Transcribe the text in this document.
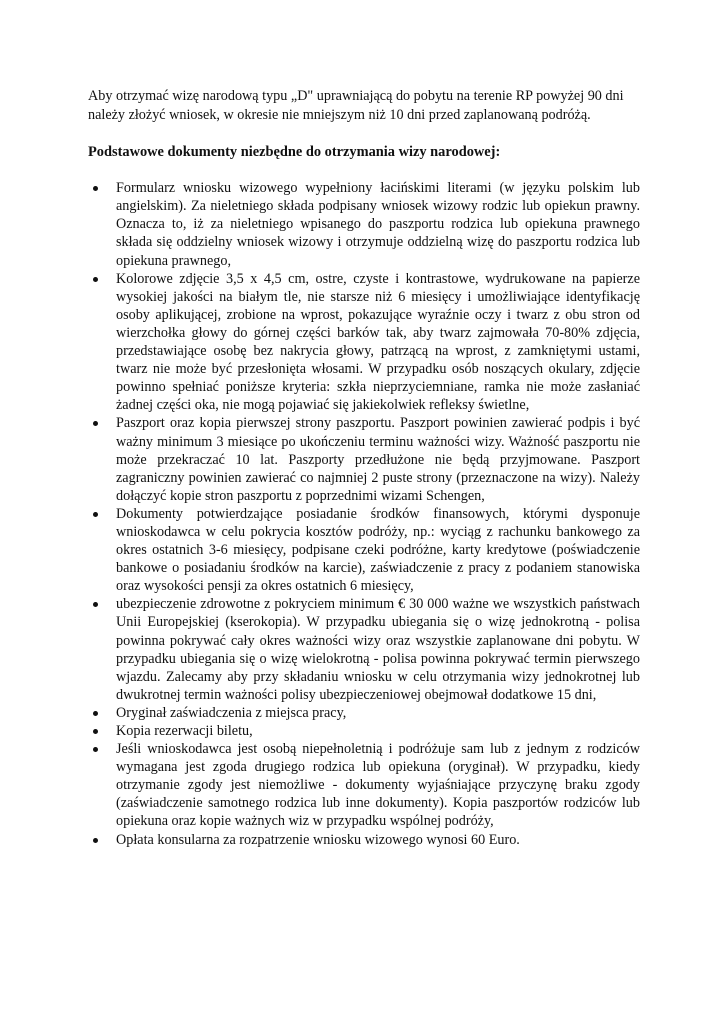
Aby otrzymać wizę narodową typu „D" uprawniającą do pobytu na terenie RP powyżej 90 dni należy złożyć wniosek, w okresie nie mniejszym niż 10 dni przed zaplanowaną podróżą.

Podstawowe dokumenty niezbędne do otrzymania wizy narodowej:

Formularz wniosku wizowego wypełniony łacińskimi literami (w języku polskim lub angielskim). Za nieletniego składa podpisany wniosek wizowy rodzic lub opiekun prawny. Oznacza to, iż za nieletniego wpisanego do paszportu rodzica lub opiekuna prawnego składa się oddzielny wniosek wizowy i otrzymuje oddzielną wizę do paszportu rodzica lub opiekuna prawnego,
Kolorowe zdjęcie 3,5 x 4,5 cm, ostre, czyste i kontrastowe, wydrukowane na papierze wysokiej jakości na białym tle, nie starsze niż 6 miesięcy i umożliwiające identyfikację osoby aplikującej, zrobione na wprost, pokazujące wyraźnie oczy i twarz z obu stron od wierzchołka głowy do górnej części barków tak, aby twarz zajmowała 70-80% zdjęcia, przedstawiające osobę bez nakrycia głowy, patrzącą na wprost, z zamkniętymi ustami, twarz nie może być przesłonięta włosami. W przypadku osób noszących okulary, zdjęcie powinno spełniać poniższe kryteria: szkła nieprzyciemniane, ramka nie może zasłaniać żadnej części oka, nie mogą pojawiać się jakiekolwiek refleksy świetlne,
Paszport oraz kopia pierwszej strony paszportu. Paszport powinien zawierać podpis i być ważny minimum 3 miesiące po ukończeniu terminu ważności wizy. Ważność paszportu nie może przekraczać 10 lat. Paszporty przedłużone nie będą przyjmowane. Paszport zagraniczny powinien zawierać co najmniej 2 puste strony (przeznaczone na wizy). Należy dołączyć kopie stron paszportu z poprzednimi wizami Schengen,
Dokumenty potwierdzające posiadanie środków finansowych, którymi dysponuje wnioskodawca w celu pokrycia kosztów podróży, np.: wyciąg z rachunku bankowego za okres ostatnich 3-6 miesięcy, podpisane czeki podróżne, karty kredytowe (poświadczenie bankowe o posiadaniu środków na karcie), zaświadczenie z pracy z podaniem stanowiska oraz wysokości pensji za okres ostatnich 6 miesięcy,
ubezpieczenie zdrowotne z pokryciem minimum € 30 000 ważne we wszystkich państwach Unii Europejskiej (kserokopia). W przypadku ubiegania się o wizę jednokrotną - polisa powinna pokrywać cały okres ważności wizy oraz wszystkie zaplanowane dni pobytu. W przypadku ubiegania się o wizę wielokrotną - polisa powinna pokrywać termin pierwszego wjazdu. Zalecamy aby przy składaniu wniosku w celu otrzymania wizy jednokrotnej lub dwukrotnej termin ważności polisy ubezpieczeniowej obejmował dodatkowe 15 dni,
Oryginał zaświadczenia z miejsca pracy,
Kopia rezerwacji biletu,
Jeśli wnioskodawca jest osobą niepełnoletnią i podróżuje sam lub z jednym z rodziców wymagana jest zgoda drugiego rodzica lub opiekuna (oryginał). W przypadku, kiedy otrzymanie zgody jest niemożliwe - dokumenty wyjaśniające przyczynę braku zgody (zaświadczenie samotnego rodzica lub inne dokumenty). Kopia paszportów rodziców lub opiekuna oraz kopie ważnych wiz w przypadku wspólnej podróży,
Opłata konsularna za rozpatrzenie wniosku wizowego wynosi 60 Euro.
